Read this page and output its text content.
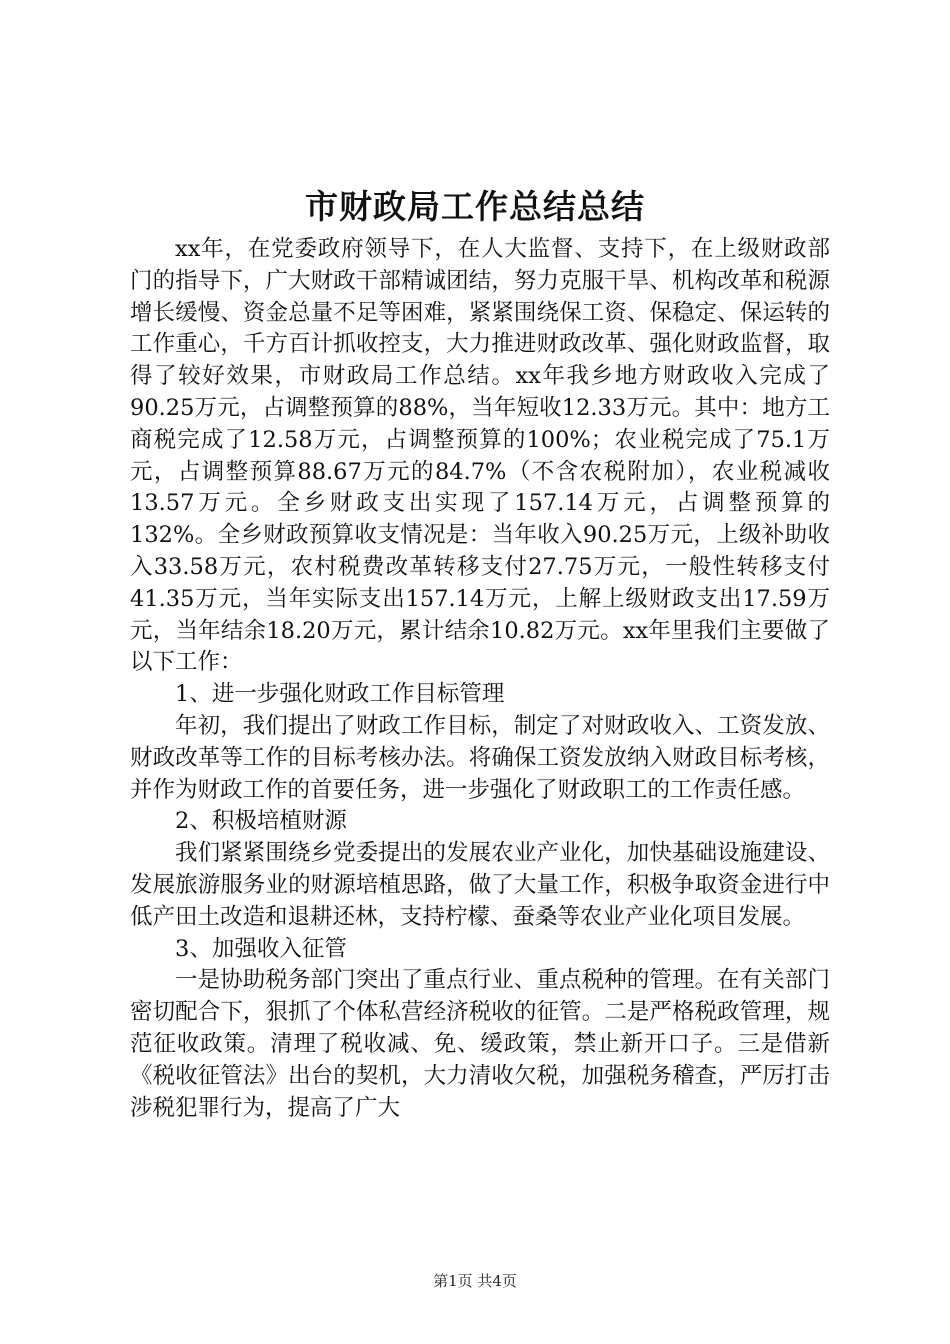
市财政局工作总结总结

xx年，在党委政府领导下，在人大监督、支持下，在上级财政部门的指导下，广大财政干部精诚团结，努力克服干旱、机构改革和税源增长缓慢、资金总量不足等困难，紧紧围绕保工资、保稳定、保运转的工作重心，千方百计抓收控支，大力推进财政改革、强化财政监督，取得了较好效果，市财政局工作总结。xx年我乡地方财政收入完成了90.25万元，占调整预算的88%，当年短收12.33万元。其中：地方工商税完成了12.58万元，占调整预算的100%；农业税完成了75.1万元，占调整预算88.67万元的84.7%（不含农税附加），农业税减收13.57万元。全乡财政支出实现了157.14万元，占调整预算的132%。全乡财政预算收支情况是：当年收入90.25万元，上级补助收入33.58万元，农村税费改革转移支付27.75万元，一般性转移支付41.35万元，当年实际支出157.14万元，上解上级财政支出17.59万元，当年结余18.20万元，累计结余10.82万元。xx年里我们主要做了以下工作：

1、进一步强化财政工作目标管理

年初，我们提出了财政工作目标，制定了对财政收入、工资发放、财政改革等工作的目标考核办法。将确保工资发放纳入财政目标考核，并作为财政工作的首要任务，进一步强化了财政职工的工作责任感。

2、积极培植财源

我们紧紧围绕乡党委提出的发展农业产业化，加快基础设施建设、发展旅游服务业的财源培植思路，做了大量工作，积极争取资金进行中低产田土改造和退耕还林，支持柠檬、蚕桑等农业产业化项目发展。

3、加强收入征管

一是协助税务部门突出了重点行业、重点税种的管理。在有关部门密切配合下，狠抓了个体私营经济税收的征管。二是严格税政管理，规范征收政策。清理了税收减、免、缓政策，禁止新开口子。三是借新《税收征管法》出台的契机，大力清收欠税，加强税务稽查，严厉打击涉税犯罪行为，提高了广大

第1页 共4页
